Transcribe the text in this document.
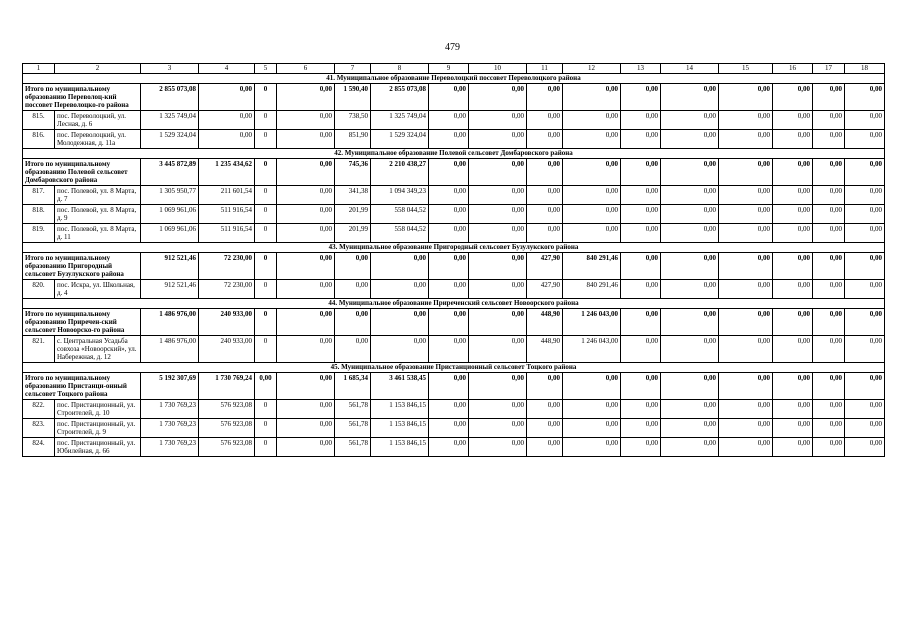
479
1	2	3	4	5	6	7	8	9	10	11	12	13	14	15	16	17	18
41. Муниципальное образование Переволоцкий поссовет Переволоцкого района																	
Итого по муниципальному образованию Переволоц-кий поссовет Переволоцко-го района		2 855 073,08	0,00	0	0,00	1 590,40	2 855 073,08	0,00	0,00	0,00	0,00	0,00	0,00	0,00	0,00	0,00	0,00
815.	пос. Переволоцкий, ул. Лесная, д. 6	1 325 749,04	0,00	0	0,00	738,50	1 325 749,04	0,00	0,00	0,00	0,00	0,00	0,00	0,00	0,00	0,00	0,00
816.	пос. Переволоцкий, ул. Молодежная, д. 11а	1 529 324,04	0,00	0	0,00	851,90	1 529 324,04	0,00	0,00	0,00	0,00	0,00	0,00	0,00	0,00	0,00	0,00
42. Муниципальное образование Полевой сельсовет Домбаровского района																	
Итого по муниципальному образованию Полевой сельсовет Домбаровского района		3 445 872,89	1 235 434,62	0	0,00	745,36	2 210 438,27	0,00	0,00	0,00	0,00	0,00	0,00	0,00	0,00	0,00	0,00
817.	пос. Полевой, ул. 8 Марта, д. 7	1 305 950,77	211 601,54	0	0,00	341,38	1 094 349,23	0,00	0,00	0,00	0,00	0,00	0,00	0,00	0,00	0,00	0,00
818.	пос. Полевой, ул. 8 Марта, д. 9	1 069 961,06	511 916,54	0	0,00	201,99	558 044,52	0,00	0,00	0,00	0,00	0,00	0,00	0,00	0,00	0,00	0,00
819.	пос. Полевой, ул. 8 Марта, д. 11	1 069 961,06	511 916,54	0	0,00	201,99	558 044,52	0,00	0,00	0,00	0,00	0,00	0,00	0,00	0,00	0,00	0,00
43. Муниципальное образование Пригородный сельсовет Бузулукского района																	
Итого по муниципальному образованию Пригородный сельсовет Бузулукского района		912 521,46	72 230,00	0	0,00	0,00	0,00	0,00	0,00	427,90	840 291,46	0,00	0,00	0,00	0,00	0,00	0,00
820.	пос. Искра, ул. Школьная, д. 4	912 521,46	72 230,00	0	0,00	0,00	0,00	0,00	0,00	427,90	840 291,46	0,00	0,00	0,00	0,00	0,00	0,00
44. Муниципальное образование Приреченский сельсовет Новоорского района																	
Итого по муниципальному образованию Приречен-ский сельсовет Новоорско-го района		1 486 976,00	240 933,00	0	0,00	0,00	0,00	0,00	0,00	448,90	1 246 043,00	0,00	0,00	0,00	0,00	0,00	0,00
821.	с. Центральная Усадьба совхоза «Новоорский», ул. Набережная, д. 12	1 486 976,00	240 933,00	0	0,00	0,00	0,00	0,00	0,00	448,90	1 246 043,00	0,00	0,00	0,00	0,00	0,00	0,00
45. Муниципальное образование Пристанционный сельсовет Тоцкого района																	
Итого по муниципальному образованию Пристанци-онный сельсовет Тоцкого района		5 192 307,69	1 730 769,24	0,00	0,00	1 685,34	3 461 538,45	0,00	0,00	0,00	0,00	0,00	0,00	0,00	0,00	0,00	0,00
822.	пос. Пристанционный, ул. Строителей, д. 10	1 730 769,23	576 923,08	0	0,00	561,78	1 153 846,15	0,00	0,00	0,00	0,00	0,00	0,00	0,00	0,00	0,00	0,00
823.	пос. Пристанционный, ул. Строителей, д. 9	1 730 769,23	576 923,08	0	0,00	561,78	1 153 846,15	0,00	0,00	0,00	0,00	0,00	0,00	0,00	0,00	0,00	0,00
824.	пос. Пристанционный, ул. Юбилейная, д. 66	1 730 769,23	576 923,08	0	0,00	561,78	1 153 846,15	0,00	0,00	0,00	0,00	0,00	0,00	0,00	0,00	0,00	0,00
